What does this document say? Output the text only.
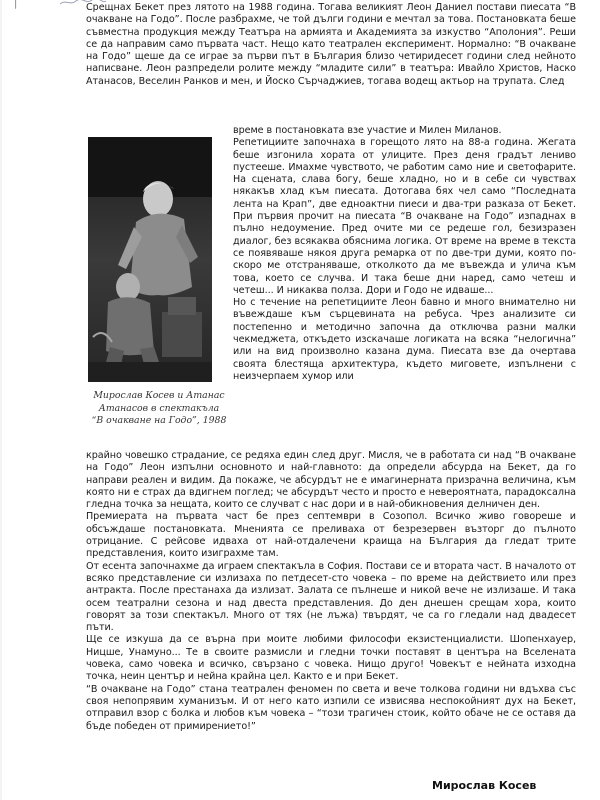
|	Срещнах Бекет през лятото на 1988 година. Тогава великият Леон Даниел постави пиесата “В очакване на Годо”. После разбрахме, че той дълги години е мечтал за това. Постановката беше съвместна продукция между Театъра на армията и Академията за изкуство “Аполония”. Реши се да направим само първата част. Нещо като театрален експеримент. Нормално: “В очакване на Годо” щеше да се играе за първи път в България близо четиридесет години след нейното написване. Леон разпредели ролите между “младите сили” в театъра: Ивайло Христов, Наско Атанасов, Веселин Ранков и мен, и Йоско Сърчаджиев, тогава водещ актьор на трупата. След

Мирослав Косев и Атанас
Атанасов в спектакъла
“В очакване на Годо”, 1988

време в постановката взе участие и Милен Миланов.

Репетициите започнаха в горещото лято на 88-а година. Жегата беше изгонила хората от улиците. През деня градът лениво пустееше. Имахме чувството, че работим само ние и светофарите. На сцената, слава богу, беше хладно, но и в себе си чувствах някакъв хлад към пиесата. Дотогава бях чел само “Последната лента на Крап”, две едноактни пиеси и два-три разказа от Бекет. При първия прочит на пиесата “В очакване на Годо” изпаднах в пълно недоумение. Пред очите ми се редеше гол, безизразен диалог, без всякаква обяснима логика. От време на време в текста се появяваше някоя друга ремарка от по две-три думи, която по-скоро ме отстраняваше, отколкото да ме въвежда и улича към това, което се случва. И така беше дни наред, само четеш и четеш... И никаква полза. Дори и Годо не идваше...

Но с течение на репетициите Леон бавно и много внимателно ни въвеждаше към сърцевината на ребуса. Чрез анализите си постепенно и методично започна да отключва разни малки чекмеджета, откъдето изскачаше логиката на всяка “нелогична” или на вид произволно казана дума. Пиесата взе да очертава своята блестяща архитектура, където миговете, изпълнени с неизчерпаем хумор или

крайно човешко страдание, се редяха един след друг. Мисля, че в работата си над “В очакване на Годо” Леон изпълни основното и най-главното: да определи абсурда на Бекет, да го направи реален и видим. Да покаже, че абсурдът не е имагинерната призрачна величина, към която ни е страх да вдигнем поглед; че абсурдът често и просто е невероятната, парадоксална гледна точка за нещата, които се случват с нас дори и в най-обикновения делничен ден.

Премиерата на първата част бе през септември в Созопол. Всичко живо говореше и обсъждаше постановката. Мненията се преливаха от безрезервен възторг до пълното отрицание. С рейсове идваха от най-отдалечени краища на България да гледат трите представления, които изиграхме там.

От есента започнахме да играем спектакъла в София. Постави се и втората част. В началото от всяко представление си излизаха по петдесет-сто човека – по време на действието или през антракта. После престанаха да излизат. Залата се пълнеше и никой вече не излизаше. И така осем театрални сезона и над двеста представления. До ден днешен срещам хора, които говорят за този спектакъл. Много от тях (не лъжа) твърдят, че са го гледали над двадесет пъти.

Ще се изкуша да се върна при моите любими философи екзистенциалисти. Шопенхауер, Ницше, Унамуно... Те в своите размисли и гледни точки поставят в центъра на Вселената човека, само човека и всичко, свързано с човека. Нищо друго! Човекът е нейната изходна точка, неин център и нейна крайна цел. Както е и при Бекет.

“В очакване на Годо” стана театрален феномен по света и вече толкова години ни вдъхва със своя непопрявим хуманизъм. И от него като изпили се извисява неспокойният дух на Бекет, отправил взор с болка и любов към човека – “този трагичен стоик, който обаче не се оставя да бъде победен от примирението!”

Мирослав Косев
